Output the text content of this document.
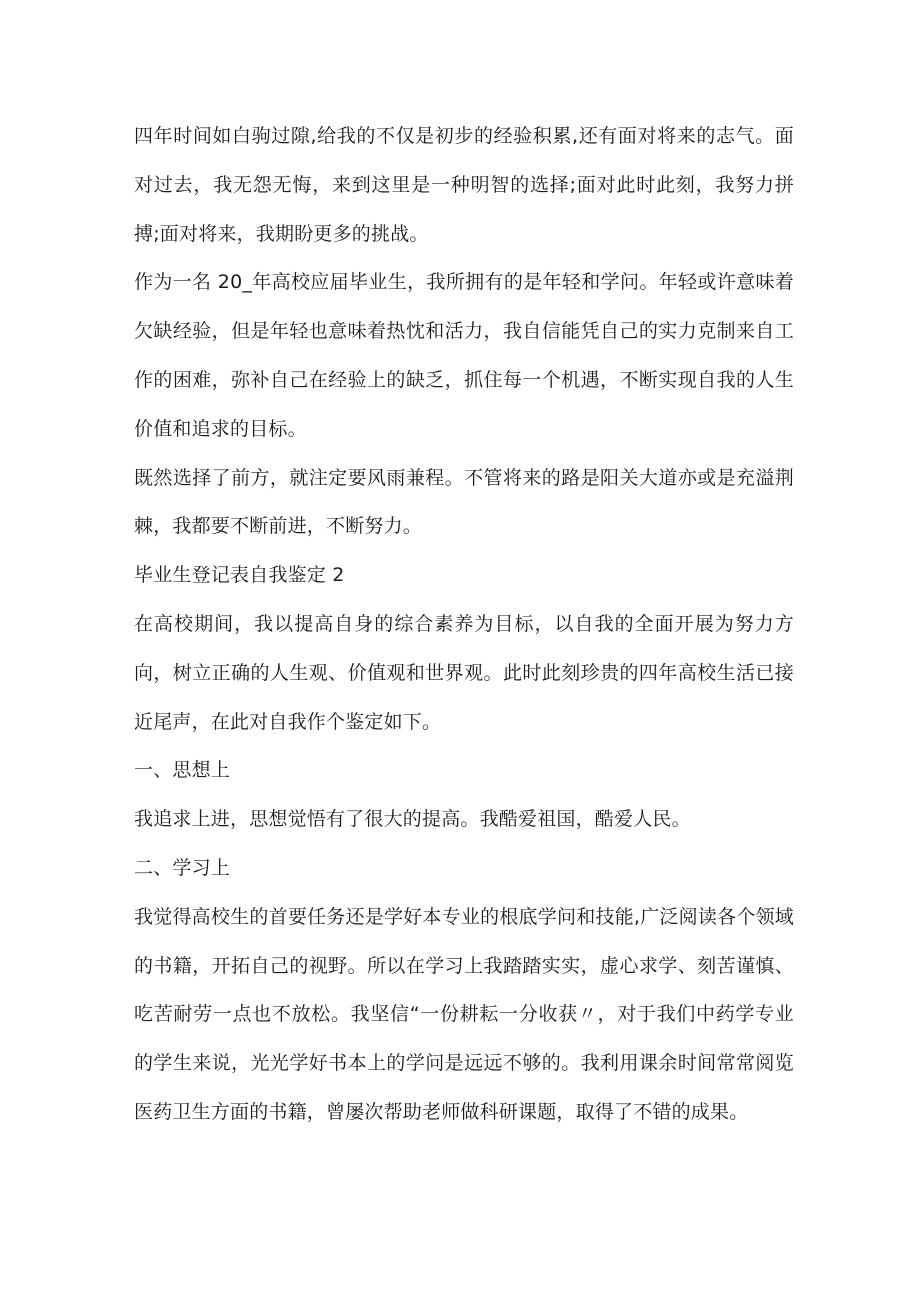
四年时间如白驹过隙,给我的不仅是初步的经验积累,还有面对将来的志气。面对过去，我无怨无悔，来到这里是一种明智的选择;面对此时此刻，我努力拼搏;面对将来，我期盼更多的挑战。

作为一名 20_年高校应届毕业生，我所拥有的是年轻和学问。年轻或许意味着欠缺经验，但是年轻也意味着热忱和活力，我自信能凭自己的实力克制来自工作的困难，弥补自己在经验上的缺乏，抓住每一个机遇，不断实现自我的人生价值和追求的目标。

既然选择了前方，就注定要风雨兼程。不管将来的路是阳关大道亦或是充溢荆棘，我都要不断前进，不断努力。

毕业生登记表自我鉴定 2

在高校期间，我以提高自身的综合素养为目标，以自我的全面开展为努力方向，树立正确的人生观、价值观和世界观。此时此刻珍贵的四年高校生活已接近尾声，在此对自我作个鉴定如下。

一、思想上

我追求上进，思想觉悟有了很大的提高。我酷爱祖国，酷爱人民。

二、学习上

我觉得高校生的首要任务还是学好本专业的根底学问和技能,广泛阅读各个领域的书籍，开拓自己的视野。所以在学习上我踏踏实实，虚心求学、刻苦谨慎、吃苦耐劳一点也不放松。我坚信“一份耕耘一分收获〃，对于我们中药学专业的学生来说，光光学好书本上的学问是远远不够的。我利用课余时间常常阅览医药卫生方面的书籍，曾屡次帮助老师做科研课题，取得了不错的成果。
